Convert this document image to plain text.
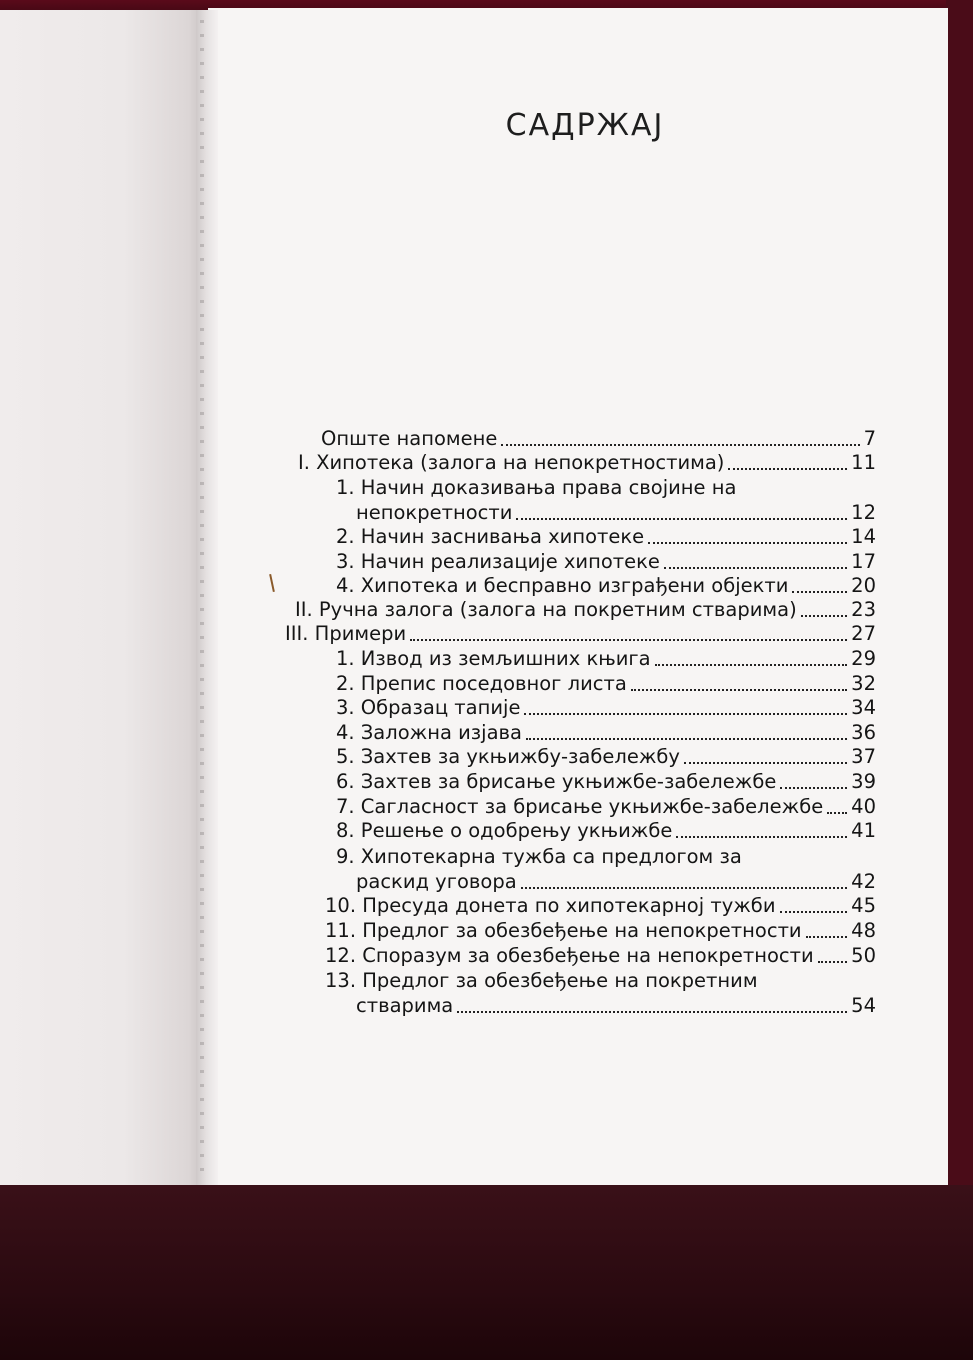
САДРЖАЈ
Опште напомене	7
I. Хипотека (залога на непокретностима)	11
1. Начин доказивања права својине на
непокретности	12
2. Начин заснивања хипотеке	14
3. Начин реализације хипотеке	17
4. Хипотека и бесправно изграђени објекти	20
II. Ручна залога (залога на покретним стварима)	23
III. Примери	27
1. Извод из земљишних књига	29
2. Препис поседовног листа	32
3. Образац тапије	34
4. Заложна изјава	36
5. Захтев за укњижбу-забележбу	37
6. Захтев за брисање укњижбе-забележбе	39
7. Сагласност за брисање укњижбе-забележбе 40
8. Решење о одобрењу укњижбе	41
9. Хипотекарна тужба са предлогом за
раскид уговора	42
10. Пресуда донета по хипотекарној тужби	45
11. Предлог за обезбеђење на непокретности	48
12. Споразум за обезбеђење на непокретности 50
13. Предлог за обезбеђење на покретним
стварима	54
